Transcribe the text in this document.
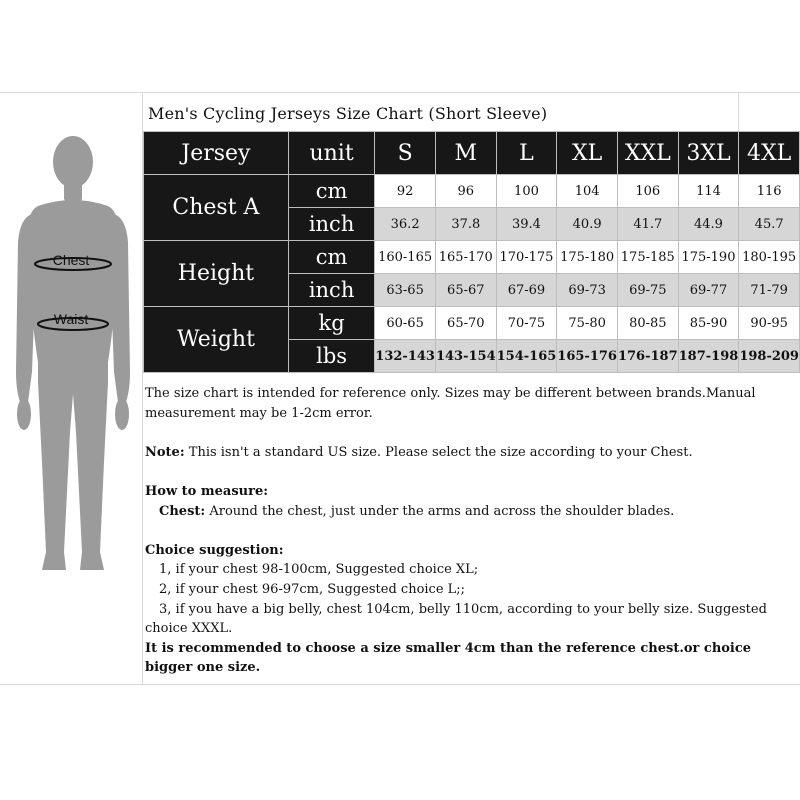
Chest
Waist
Men's Cycling Jerseys Size Chart (Short Sleeve)
Jersey	unit	S	M	L	XL	XXL	3XL	4XL
Chest A	cm	92	96	100	104	106	114	116
	inch	36.2	37.8	39.4	40.9	41.7	44.9	45.7
Height	cm	160-165	165-170	170-175	175-180	175-185	175-190	180-195
	inch	63-65	65-67	67-69	69-73	69-75	69-77	71-79
Weight	kg	60-65	65-70	70-75	75-80	80-85	85-90	90-95
	lbs	132-143	143-154	154-165	165-176	176-187	187-198	198-209

The size chart is intended for reference only. Sizes may be different between brands.Manual

measurement may be 1-2cm error.

Note: This isn't a standard US size. Please select the size according to your Chest.

How to measure:

Chest: Around the chest, just under the arms and across the shoulder blades.

Choice suggestion:

1, if your chest 98-100cm, Suggested choice XL;

2, if your chest 96-97cm, Suggested choice L;;

3, if you have a big belly, chest 104cm, belly 110cm, according to your belly size. Suggested

choice XXXL.

It is recommended to choose a size smaller 4cm than the reference chest.or choice

bigger one size.
